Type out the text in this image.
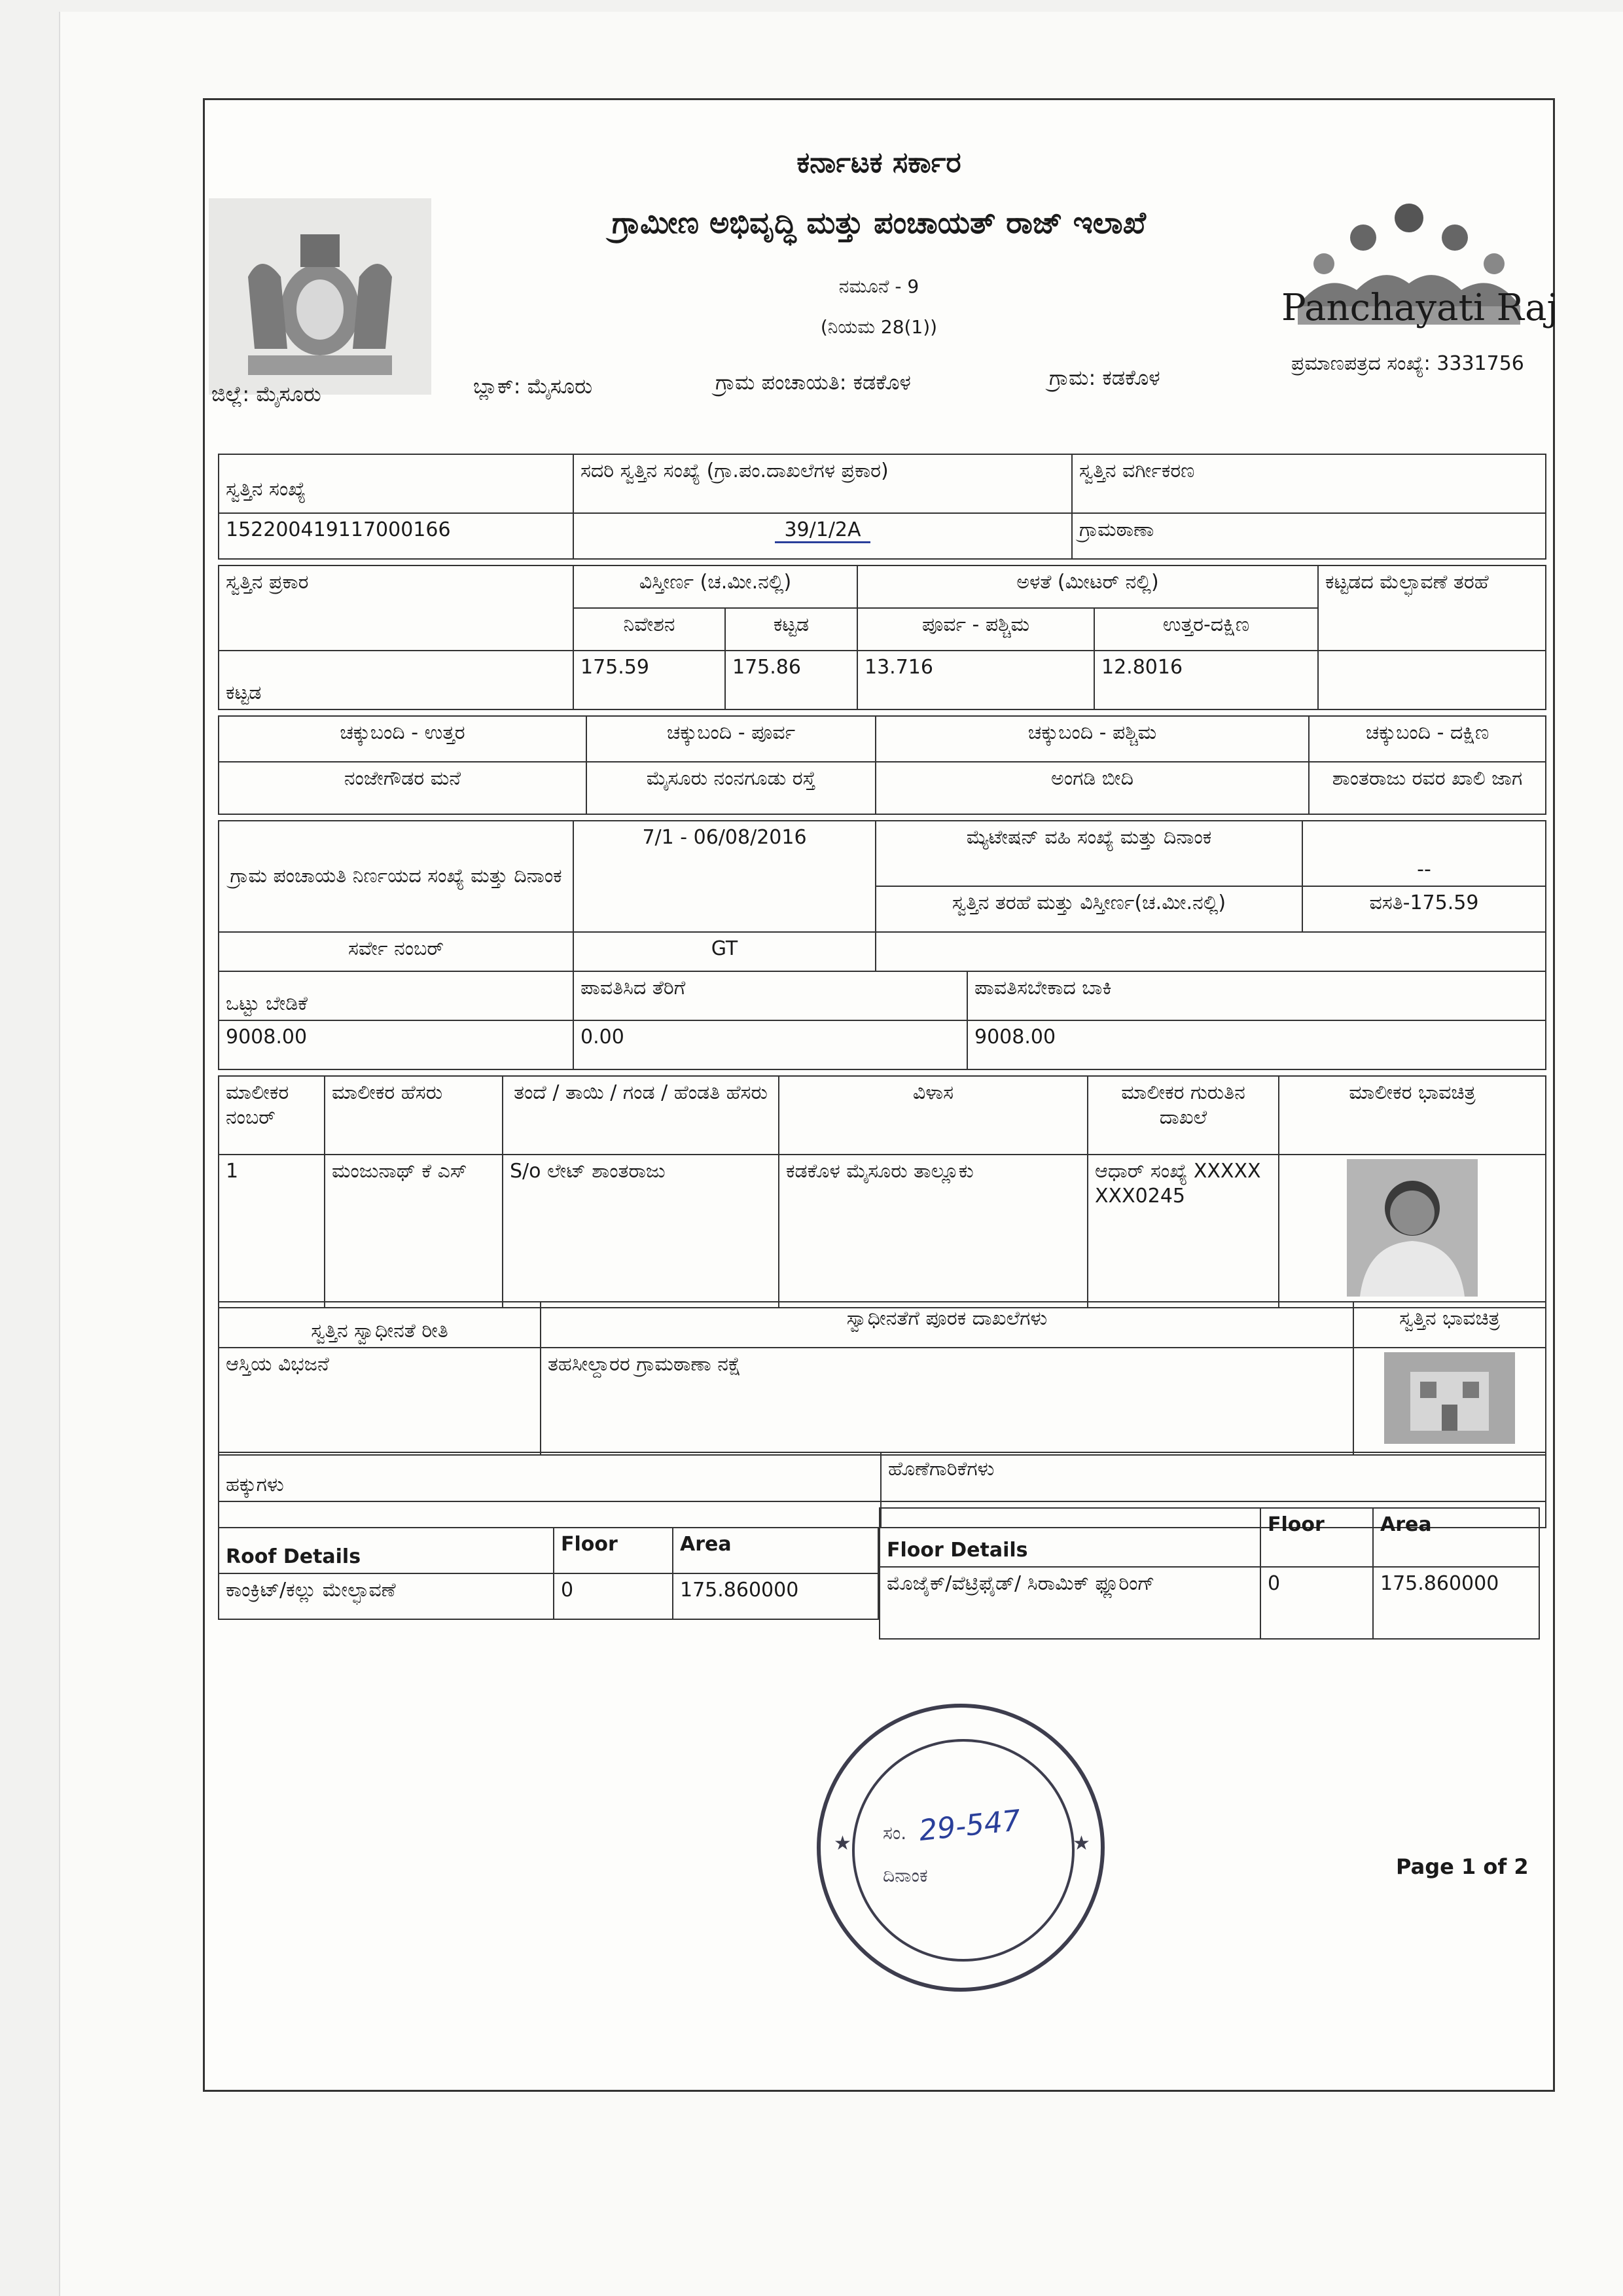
Panchayati Raj
ಕರ್ನಾಟಕ ಸರ್ಕಾರ
ಗ್ರಾಮೀಣ ಅಭಿವೃದ್ಧಿ ಮತ್ತು ಪಂಚಾಯತ್ ರಾಜ್ ಇಲಾಖೆ
ನಮೂನೆ - 9
(ನಿಯಮ 28(1))
ಪ್ರಮಾಣಪತ್ರದ ಸಂಖ್ಯೆ: 3331756
ಜಿಲ್ಲೆ: ಮೈಸೂರು	ಬ್ಲಾಕ್: ಮೈಸೂರು	ಗ್ರಾಮ ಪಂಚಾಯತಿ: ಕಡಕೊಳ	ಗ್ರಾಮ: ಕಡಕೊಳ
ಸ್ವತ್ತಿನ ಸಂಖ್ಯೆ	ಸದರಿ ಸ್ವತ್ತಿನ ಸಂಖ್ಯೆ (ಗ್ರಾ.ಪಂ.ದಾಖಲೆಗಳ ಪ್ರಕಾರ)	ಸ್ವತ್ತಿನ ವರ್ಗೀಕರಣ
152200419117000166	39/1/2A	ಗ್ರಾಮಠಾಣಾ
ಸ್ವತ್ತಿನ ಪ್ರಕಾರ	ವಿಸ್ತೀರ್ಣ (ಚ.ಮೀ.ನಲ್ಲಿ)		ಅಳತೆ (ಮೀಟರ್ ನಲ್ಲಿ)		ಕಟ್ಟಡದ ಮೆಲ್ಛಾವಣೆ ತರಹೆ
	ನಿವೇಶನ	ಕಟ್ಟಡ	ಪೂರ್ವ - ಪಶ್ಚಿಮ	ಉತ್ತರ-ದಕ್ಷಿಣ	
ಕಟ್ಟಡ	175.59	175.86	13.716	12.8016	
ಚಕ್ಕುಬಂದಿ - ಉತ್ತರ	ಚಕ್ಕುಬಂದಿ - ಪೂರ್ವ	ಚಕ್ಕುಬಂದಿ - ಪಶ್ಚಿಮ	ಚಕ್ಕುಬಂದಿ - ದಕ್ಷಿಣ
ನಂಜೇಗೌಡರ ಮನೆ	ಮೈಸೂರು ನಂನಗೂಡು ರಸ್ತೆ	ಅಂಗಡಿ ಬೀದಿ	ಶಾಂತರಾಜು ರವರ ಖಾಲಿ ಜಾಗ
ಗ್ರಾಮ ಪಂಚಾಯತಿ ನಿರ್ಣಯದ ಸಂಖ್ಯೆ ಮತ್ತು ದಿನಾಂಕ	7/1 - 06/08/2016	ಮ್ಯೆಟೇಷನ್ ವಹಿ ಸಂಖ್ಯೆ ಮತ್ತು ದಿನಾಂಕ	--
		ಸ್ವತ್ತಿನ ತರಹೆ ಮತ್ತು ವಿಸ್ತೀರ್ಣ(ಚ.ಮೀ.ನಲ್ಲಿ)	ವಸತಿ-175.59
ಸರ್ವೇ ನಂಬರ್	GT		
ಒಟ್ಟು ಬೇಡಿಕೆ	ಪಾವತಿಸಿದ ತೆರಿಗೆ	ಪಾವತಿಸಬೇಕಾದ ಬಾಕಿ
9008.00	0.00	9008.00
ಮಾಲೀಕರ ನಂಬರ್	ಮಾಲೀಕರ ಹೆಸರು	ತಂದೆ / ತಾಯಿ / ಗಂಡ / ಹೆಂಡತಿ ಹೆಸರು	ವಿಳಾಸ	ಮಾಲೀಕರ ಗುರುತಿನ ದಾಖಲೆ	ಮಾಲೀಕರ ಭಾವಚಿತ್ರ
1	ಮಂಜುನಾಥ್ ಕೆ ಎಸ್	S/o ಲೇಟ್ ಶಾಂತರಾಜು	ಕಡಕೊಳ ಮೈಸೂರು ತಾಲ್ಲೂಕು	ಆಧಾರ್ ಸಂಖ್ಯೆ XXXXXXXX0245	
ಸ್ವತ್ತಿನ ಸ್ವಾಧೀನತೆ ರೀತಿ	ಸ್ವಾಧೀನತೆಗೆ ಪೂರಕ ದಾಖಲೆಗಳು	ಸ್ವತ್ತಿನ ಭಾವಚಿತ್ರ
ಆಸ್ತಿಯ ವಿಭಜನೆ	ತಹಸೀಲ್ದಾರರ ಗ್ರಾಮಠಾಣಾ ನಕ್ಷೆ	
ಹಕ್ಕುಗಳು	ಹೊಣೆಗಾರಿಕೆಗಳು

Roof Details	Floor	Area
ಕಾಂಕ್ರಿಟ್/ಕಲ್ಲು ಮೇಲ್ಛಾವಣೆ	0	175.860000
Floor Details	Floor	Area
ಮೊಜೈಕ್/ವೆಟ್ರಿಫೈಡ್/ ಸಿರಾಮಿಕ್ ಫ್ಲೂರಿಂಗ್	0	175.860000
ಸಂ. 29-547
ದಿನಾಂಕ
★	★
Page 1 of 2
